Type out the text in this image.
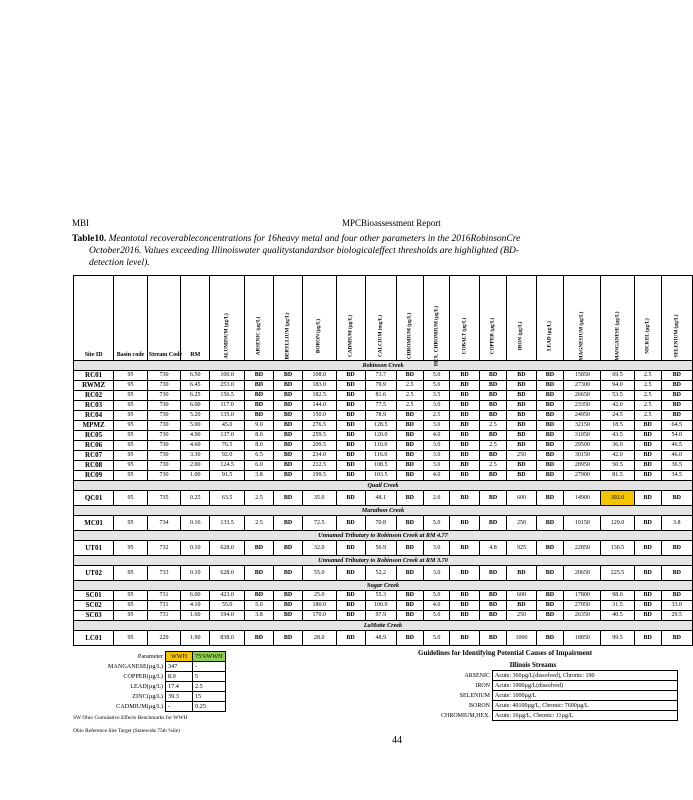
MBI	MPCBioassessment Report
Table10. Meantotal recoverableconcentrations for 16heavy metal and four other parameters in the 2016RobinsonCre
October2016. Values exceeding Illinoiswater qualitystandardsor biologicaleffect thresholds are highlighted (BD-
detection level).
Site ID	Basin code	Stream Code	RM	ALUMINUM (µg/L)	ARSENIC (µg/L)	BERYLLIUM (µg/L)	BORON (µg/L)	CADMIUM (µg/L)	CALCIUM (mg/L)	CHROMIUM (µg/L)	HEX. CHROMIUM (µg/L)	COBALT (µg/L)	COPPER (µg/L)	IRON (µg/L)	LEAD (µg/L)	MAGNESIUM (µg/L)	MANGANESE (µg/L)	NICKEL (µg/L)	SELENIUM (µg/L)

Robinson Creek																			
RC01	95	730	6.50	100.0	BD	BD	108.0	BD	73.7	BD	5.0	BD	BD	BD	BD	15850	69.5	2.5	BD
RWMZ	95	730	6.45	253.0	BD	BD	183.0	BD	79.9	2.5	5.0	BD	BD	BD	BD	27300	94.0	2.5	BD
RC02	95	730	6.25	156.5	BD	BD	182.5	BD	81.6	2.5	3.5	BD	BD	BD	BD	26650	53.5	2.5	BD
RC03	95	730	6.00	117.0	BD	BD	144.0	BD	77.5	2.5	3.0	BD	BD	BD	BD	23350	42.0	2.5	BD
RC04	95	730	5.20	135.0	BD	BD	150.0	BD	78.9	BD	2.5	BD	BD	BD	BD	24950	24.5	2.5	BD
MPMZ	95	730	5.00	45.0	9.0	BD	276.5	BD	128.5	BD	3.0	BD	2.5	BD	BD	32150	18.5	BD	64.5
RC05	95	730	4.90	137.0	8.0	BD	259.5	BD	120.0	BD	4.0	BD	BD	BD	BD	31050	43.5	BD	54.0
RC06	95	730	4.60	76.5	8.0	BD	209.5	BD	110.0	BD	3.0	BD	2.5	BD	BD	29500	36.0	BD	46.5
RC07	95	730	3.30	92.0	6.5	BD	234.0	BD	116.0	BD	3.0	BD	BD	250	BD	30150	42.0	BD	46.0
RC08	95	730	2.00	124.5	6.0	BD	212.5	BD	108.5	BD	3.0	BD	2.5	BD	BD	28950	50.5	BD	36.5
RC09	95	730	1.00	91.5	3.8	BD	199.5	BD	103.5	BD	4.0	BD	BD	BD	BD	27900	81.5	BD	34.5
Quail Creek																			
QC01	95	735	0.25	63.5	2.5	BD	35.0	BD	48.1	BD	2.0	BD	BD	600	BD	14900	392.0	BD	BD
Marathon Creek																			
MC01	95	734	0.16	133.5	2.5	BD	72.5	BD	70.8	BD	5.0	BD	BD	250	BD	19150	129.0	BD	3.8
Unnamed Tributary to Robinson Creek at RM 4.77																			
UT01	95	732	0.10	628.0	BD	BD	32.0	BD	56.9	BD	3.0	BD	4.8	925	BD	22850	130.5	BD	BD
Unnamed Tributary to Robinson Creek at RM 3.70																			
UT02	95	733	0.10	628.0	BD	BD	55.0	BD	52.2	BD	3.0	BD	BD	BD	BD	20650	225.5	BD	BD
Sugar Creek																			
SC01	95	731	6.00	423.0	BD	BD	25.0	BD	55.3	BD	5.0	BD	BD	600	BD	17800	98.0	BD	BD
SC02	95	731	4.10	55.0	5.0	BD	180.0	BD	100.9	BD	4.0	BD	BD	BD	BD	27050	31.5	BD	33.0
SC03	95	731	1.60	194.0	3.8	BD	170.0	BD	97.9	BD	5.0	BD	BD	250	BD	26350	40.5	BD	29.5
LaMotte Creek																			
LC01	95	229	1.90	838.0	BD	BD	28.0	BD	48.9	BD	5.0	BD	BD	1000	BD	18850	99.5	BD	BD
Parameter	WWH	75%WWH
MANGANESE(µg/L)	347	-
COPPER(µg/L)	8.9	5
LEAD(µg/L)	17.4	2.5
ZINC(µg/L)	39.3	15
CADMIUM(µg/L)	-	0.25
SW Ohio Cumulative Effects Benchmarks for WWH
Ohio Reference Site Target (Statewide 75th %ile)
Guidelines for Identifying Potential Causes of Impairment
Illinois Streams
ARSENIC	Acute: 360µg/L(dissolved), Chronic: 190
IRON	Acute: 1000µg/L(dissolved)
SELENIUM	Acute: 1000µg/L
BORON	Acute: 40100µg/L, Chronic: 7600µg/L
CHROMIUM,HEX.	Acute: 16µg/L, Chronic: 11µg/L
44
